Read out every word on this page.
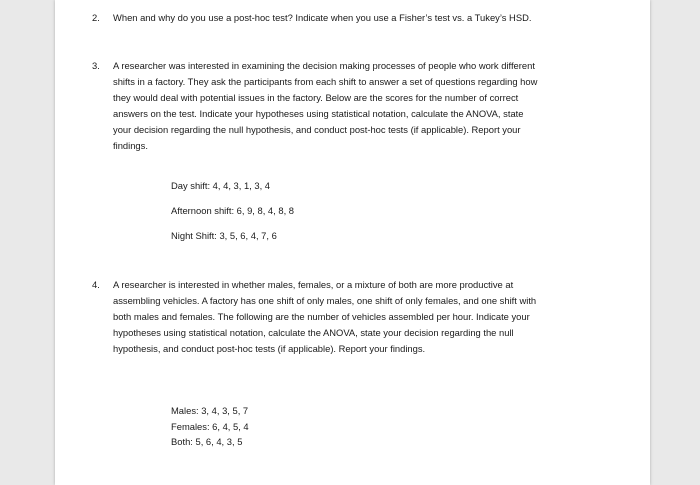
2. When and why do you use a post-hoc test? Indicate when you use a Fisher’s test vs. a Tukey’s HSD.

3. A researcher was interested in examining the decision making processes of people who work different shifts in a factory. They ask the participants from each shift to answer a set of questions regarding how they would deal with potential issues in the factory. Below are the scores for the number of correct answers on the test. Indicate your hypotheses using statistical notation, calculate the ANOVA, state your decision regarding the null hypothesis, and conduct post-hoc tests (if applicable). Report your findings.

Day shift: 4, 4, 3, 1, 3, 4
Afternoon shift: 6, 9, 8, 4, 8, 8
Night Shift: 3, 5, 6, 4, 7, 6
4. A researcher is interested in whether males, females, or a mixture of both are more productive at assembling vehicles. A factory has one shift of only males, one shift of only females, and one shift with both males and females. The following are the number of vehicles assembled per hour. Indicate your hypotheses using statistical notation, calculate the ANOVA, state your decision regarding the null hypothesis, and conduct post-hoc tests (if applicable). Report your findings.

Males: 3, 4, 3, 5, 7
Females: 6, 4, 5, 4
Both: 5, 6, 4, 3, 5
